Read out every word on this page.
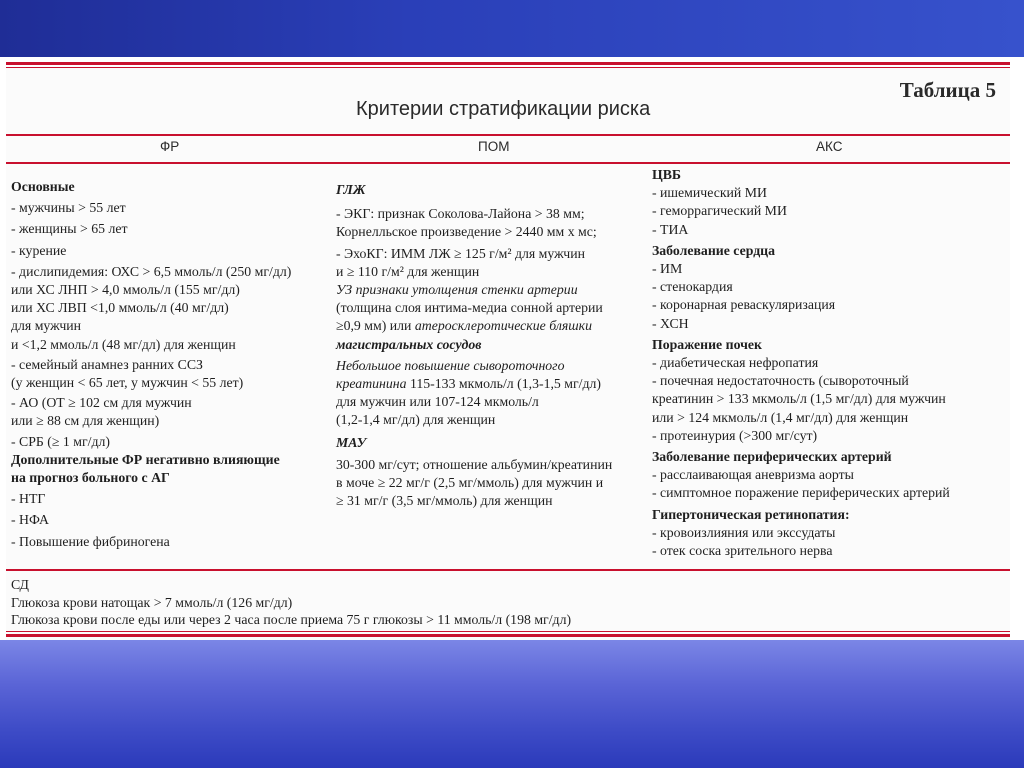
Таблица 5
Критерии стратификации риска
ФР	ПОМ	АКС
Основные
- мужчины > 55 лет
- женщины > 65 лет
- курение
- дислипидемия: ОХС > 6,5 ммоль/л (250 мг/дл)
или ХС ЛНП > 4,0 ммоль/л (155 мг/дл)
или ХС ЛВП <1,0 ммоль/л (40 мг/дл)
для мужчин
и <1,2 ммоль/л (48 мг/дл) для женщин
- семейный анамнез ранних ССЗ
(у женщин < 65 лет, у мужчин < 55 лет)
- АО (ОТ ≥ 102 см для мужчин
или ≥ 88 см для женщин)
- СРБ (≥ 1 мг/дл)
Дополнительные ФР негативно влияющие
на прогноз больного с АГ
- НТГ
- НФА
- Повышение фибриногена
ГЛЖ
- ЭКГ: признак Соколова-Лайона > 38 мм;
Корнелльское произведение > 2440 мм х мс;
- ЭхоКГ: ИММ ЛЖ ≥ 125 г/м² для мужчин
и ≥ 110 г/м² для женщин
УЗ признаки утолщения стенки артерии
(толщина слоя интима-медиа сонной артерии
≥0,9 мм) или атеросклеротические бляшки
магистральных сосудов
Небольшое повышение сывороточного
креатинина 115-133 мкмоль/л (1,3-1,5 мг/дл)
для мужчин или 107-124 мкмоль/л
(1,2-1,4 мг/дл) для женщин
МАУ
30-300 мг/сут; отношение альбумин/креатинин
в моче ≥ 22 мг/г (2,5 мг/ммоль) для мужчин и
≥ 31 мг/г (3,5 мг/ммоль) для женщин
ЦВБ
- ишемический МИ
- геморрагический МИ
- ТИА
Заболевание сердца
- ИМ
- стенокардия
- коронарная реваскуляризация
- ХСН
Поражение почек
- диабетическая нефропатия
- почечная недостаточность (сывороточный
креатинин > 133 мкмоль/л (1,5 мг/дл) для мужчин
или > 124 мкмоль/л (1,4 мг/дл) для женщин
- протеинурия (>300 мг/сут)
Заболевание периферических артерий
- расслаивающая аневризма аорты
- симптомное поражение периферических артерий
Гипертоническая ретинопатия:
- кровоизлияния или экссудаты
- отек соска зрительного нерва
СД
Глюкоза крови натощак > 7 ммоль/л (126 мг/дл)
Глюкоза крови после еды или через 2 часа после приема 75 г глюкозы > 11 ммоль/л (198 мг/дл)
